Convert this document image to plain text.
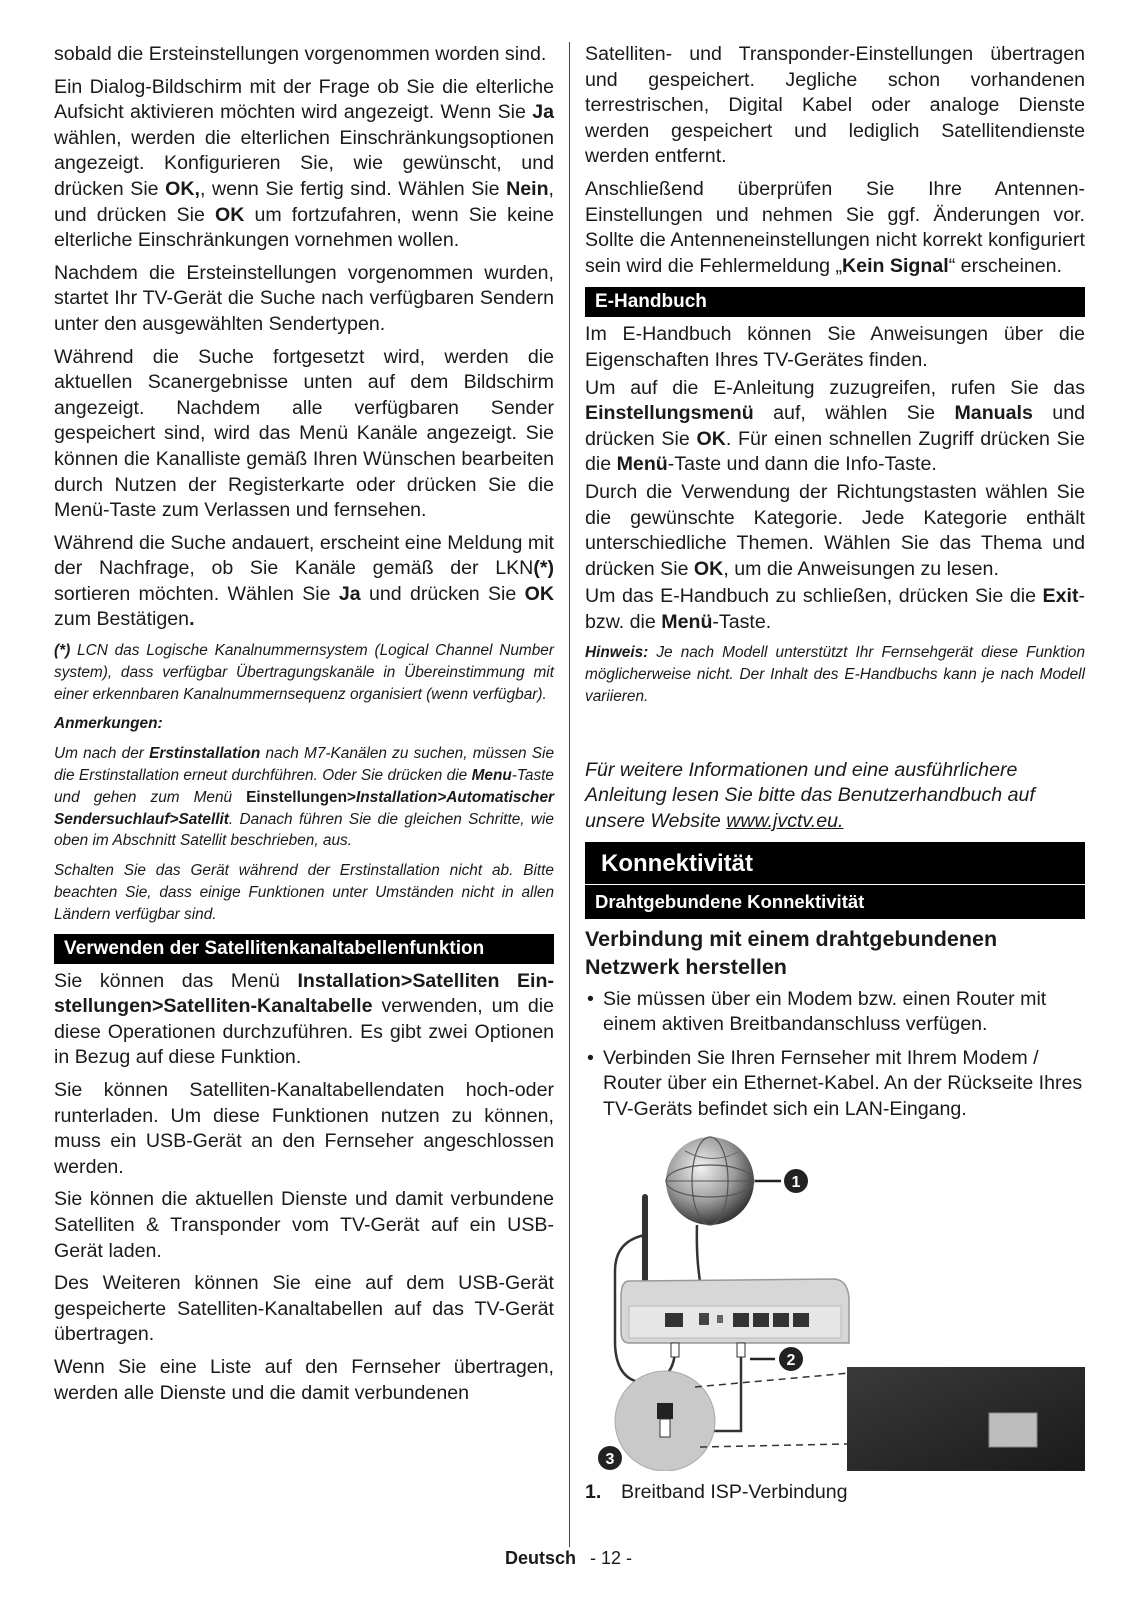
sobald die Ersteinstellungen vorgenommen worden sind.

Ein Dialog-Bildschirm mit der Frage ob Sie die elterliche Aufsicht aktivieren möchten wird angezeigt. Wenn Sie Ja wählen, werden die elterlichen Einschränkungsoptionen angezeigt. Konfigurieren Sie, wie gewünscht, und drücken Sie OK,, wenn Sie fertig sind. Wählen Sie Nein, und drücken Sie OK um fortzufahren, wenn Sie keine elterliche Einschränkungen vornehmen wollen.

Nachdem die Ersteinstellungen vorgenommen wurden, startet Ihr TV-Gerät die Suche nach verfügbaren Sendern unter den ausgewählten Sendertypen.

Während die Suche fortgesetzt wird, werden die aktuellen Scanergebnisse unten auf dem Bildschirm angezeigt. Nachdem alle verfügbaren Sender gespeichert sind, wird das Menü Kanäle angezeigt. Sie können die Kanalliste gemäß Ihren Wünschen bearbeiten durch Nutzen der Registerkarte oder drücken Sie die Menü-Taste zum Verlassen und fernsehen.

Während die Suche andauert, erscheint eine Meldung mit der Nachfrage, ob Sie Kanäle gemäß der LKN(*) sortieren möchten. Wählen Sie Ja und drücken Sie OK zum Bestätigen.

(*) LCN das Logische Kanalnummernsystem (Logical Channel Number system), dass verfügbar Übertragungskanäle in Übereinstimmung mit einer erkennbaren Kanalnummernsequenz organisiert (wenn verfügbar).

Anmerkungen:

Um nach der Erstinstallation nach M7-Kanälen zu suchen, müssen Sie die Erstinstallation erneut durchführen. Oder Sie drücken die Menu-Taste und gehen zum Menü Einstellungen>Installation>Automatischer Sendersuchlauf>Satellit. Danach führen Sie die gleichen Schritte, wie oben im Abschnitt Satellit beschrieben, aus.

Schalten Sie das Gerät während der Erstinstallation nicht ab. Bitte beachten Sie, dass einige Funktionen unter Umständen nicht in allen Ländern verfügbar sind.

Verwenden der Satellitenkanaltabellenfunktion

Sie können das Menü Installation>Satelliten Ein-stellungen>Satelliten-Kanaltabelle verwenden, um die diese Operationen durchzuführen. Es gibt zwei Optionen in Bezug auf diese Funktion.

Sie können Satelliten-Kanaltabellendaten hoch-oder runterladen. Um diese Funktionen nutzen zu können, muss ein USB-Gerät an den Fernseher angeschlossen werden.

Sie können die aktuellen Dienste und damit verbundene Satelliten & Transponder vom TV-Gerät auf ein USB-Gerät laden.

Des Weiteren können Sie eine auf dem USB-Gerät gespeicherte Satelliten-Kanaltabellen auf das TV-Gerät übertragen.

Wenn Sie eine Liste auf den Fernseher übertragen, werden alle Dienste und die damit verbundenen

Satelliten- und Transponder-Einstellungen übertragen und gespeichert. Jegliche schon vorhandenen terrestrischen, Digital Kabel oder analoge Dienste werden gespeichert und lediglich Satellitendienste werden entfernt.

Anschließend überprüfen Sie Ihre Antennen-Einstellungen und nehmen Sie ggf. Änderungen vor. Sollte die Antenneneinstellungen nicht korrekt konfiguriert sein wird die Fehlermeldung „Kein Signal“ erscheinen.

E-Handbuch

Im E-Handbuch können Sie Anweisungen über die Eigenschaften Ihres TV-Gerätes finden.

Um auf die E-Anleitung zuzugreifen, rufen Sie das Einstellungsmenü auf, wählen Sie Manuals und drücken Sie OK. Für einen schnellen Zugriff drücken Sie die Menü-Taste und dann die Info-Taste.

Durch die Verwendung der Richtungstasten wählen Sie die gewünschte Kategorie. Jede Kategorie enthält unterschiedliche Themen. Wählen Sie das Thema und drücken Sie OK, um die Anweisungen zu lesen.

Um das E-Handbuch zu schließen, drücken Sie die Exit- bzw. die Menü-Taste.

Hinweis: Je nach Modell unterstützt Ihr Fernsehgerät diese Funktion möglicherweise nicht. Der Inhalt des E-Handbuchs kann je nach Modell variieren.

Für weitere Informationen und eine ausführlichere Anleitung lesen Sie bitte das Benutzerhandbuch auf unsere Website www.jvctv.eu.

Konnektivität
Drahtgebundene Konnektivität
Verbindung mit einem drahtgebundenen Netzwerk herstellen
• Sie müssen über ein Modem bzw. einen Router mit einem aktiven Breitbandanschluss verfügen.
• Verbinden Sie Ihren Fernseher mit Ihrem Modem / Router über ein Ethernet-Kabel. An der Rückseite Ihres TV-Geräts befindet sich ein LAN-Eingang.
1
2
3
1. Breitband ISP-Verbindung
Deutsch - 12 -
